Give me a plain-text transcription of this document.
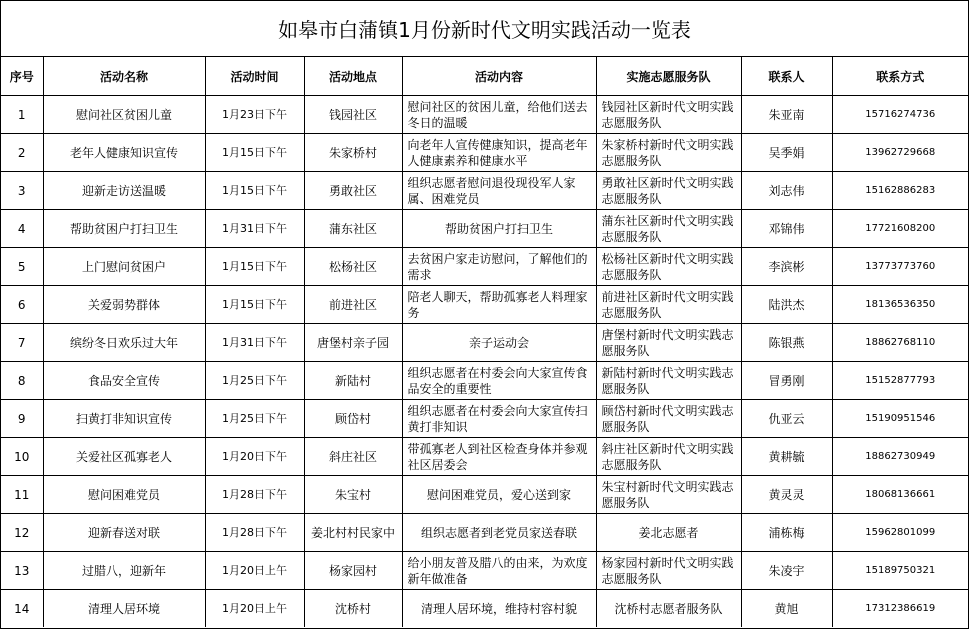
如皋市白蒲镇1月份新时代文明实践活动一览表
序号	活动名称	活动时间	活动地点	活动内容	实施志愿服务队	联系人	联系方式
1	慰问社区贫困儿童	1月23日下午	钱园社区	慰问社区的贫困儿童，给他们送去冬日的温暖	钱园社区新时代文明实践志愿服务队	朱亚南	15716274736
2	老年人健康知识宣传	1月15日下午	朱家桥村	向老年人宣传健康知识，提高老年人健康素养和健康水平	朱家桥村新时代文明实践志愿服务队	吴季娟	13962729668
3	迎新走访送温暖	1月15日下午	勇敢社区	组织志愿者慰问退役现役军人家属、困难党员	勇敢社区新时代文明实践志愿服务队	刘志伟	15162886283
4	帮助贫困户打扫卫生	1月31日下午	蒲东社区	帮助贫困户打扫卫生	蒲东社区新时代文明实践志愿服务队	邓锦伟	17721608200
5	上门慰问贫困户	1月15日下午	松杨社区	去贫困户家走访慰问，了解他们的需求	松杨社区新时代文明实践志愿服务队	李滨彬	13773773760
6	关爱弱势群体	1月15日下午	前进社区	陪老人聊天，帮助孤寡老人料理家务	前进社区新时代文明实践志愿服务队	陆洪杰	18136536350
7	缤纷冬日欢乐过大年	1月31日下午	唐堡村亲子园	亲子运动会	唐堡村新时代文明实践志愿服务队	陈银燕	18862768110
8	食品安全宣传	1月25日下午	新陆村	组织志愿者在村委会向大家宣传食品安全的重要性	新陆村新时代文明实践志愿服务队	冒勇刚	15152877793
9	扫黄打非知识宣传	1月25日下午	顾岱村	组织志愿者在村委会向大家宣传扫黄打非知识	顾岱村新时代文明实践志愿服务队	仇亚云	15190951546
10	关爱社区孤寡老人	1月20日下午	斜庄社区	带孤寡老人到社区检查身体并参观社区居委会	斜庄社区新时代文明实践志愿服务队	黄耕毓	18862730949
11	慰问困难党员	1月28日下午	朱宝村	慰问困难党员，爱心送到家	朱宝村新时代文明实践志愿服务队	黄灵灵	18068136661
12	迎新春送对联	1月28日下午	姜北村村民家中	组织志愿者到老党员家送春联	姜北志愿者	浦栋梅	15962801099
13	过腊八，迎新年	1月20日上午	杨家园村	给小朋友普及腊八的由来，为欢度新年做准备	杨家园村新时代文明实践志愿服务队	朱凌宇	15189750321
14	清理人居环境	1月20日上午	沈桥村	清理人居环境，维持村容村貌	沈桥村志愿者服务队	黄旭	17312386619
